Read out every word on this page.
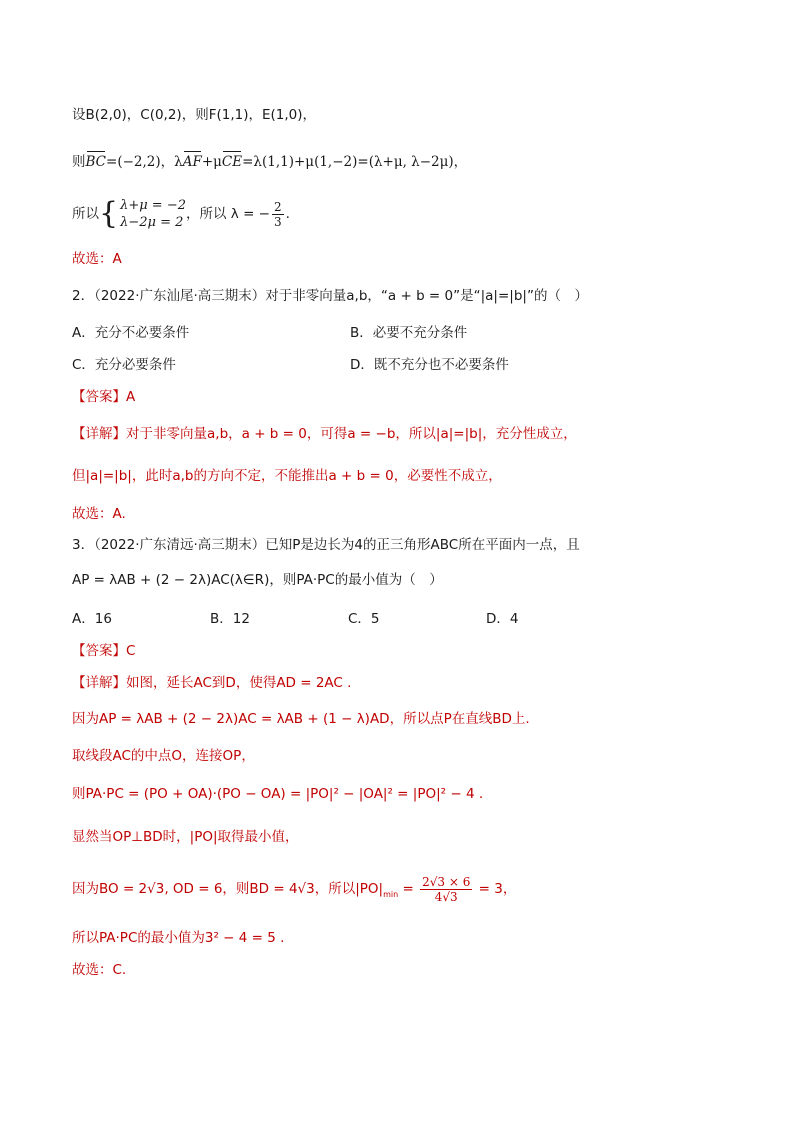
设B(2,0)，C(0,2)，则F(1,1)，E(1,0)，
则BC=(−2,2)，λAF+μCE=λ(1,1)+μ(1,−2)=(λ+μ, λ−2μ)，
所以 { λ+μ = −2
λ−2μ = 2
，所以 λ = − $\frac{2}{3}$ .
故选：A
2．（2022·广东汕尾·高三期末）对于非零向量a,b，“a + b = 0”是“|a|=|b|”的（　）
A．充分不必要条件	B．必要不充分条件
C．充分必要条件	D．既不充分也不必要条件
【答案】A
【详解】对于非零向量a,b，a + b = 0，可得a = −b，所以|a|=|b|，充分性成立，
但|a|=|b|，此时a,b的方向不定，不能推出a + b = 0，必要性不成立，
故选：A.
3．（2022·广东清远·高三期末）已知P是边长为4的正三角形ABC所在平面内一点，且
AP = λAB + (2 − 2λ)AC(λ∈R)，则PA·PC的最小值为（　）
A．16	B．12	C．5	D．4
【答案】C
【详解】如图，延长AC到D，使得AD = 2AC .
因为AP = λAB + (2 − 2λ)AC = λAB + (1 − λ)AD，所以点P在直线BD上.
取线段AC的中点O，连接OP，
则PA·PC = (PO + OA)·(PO − OA) = |PO|² − |OA|² = |PO|² − 4 .
显然当OP⊥BD时，|PO|取得最小值，
因为BO = 2√3, OD = 6，则BD = 4√3，所以$|PO|_{min} = \frac{2√3 \times 6}{4√3} = 3$，
所以PA·PC的最小值为3² − 4 = 5 .
故选：C.
